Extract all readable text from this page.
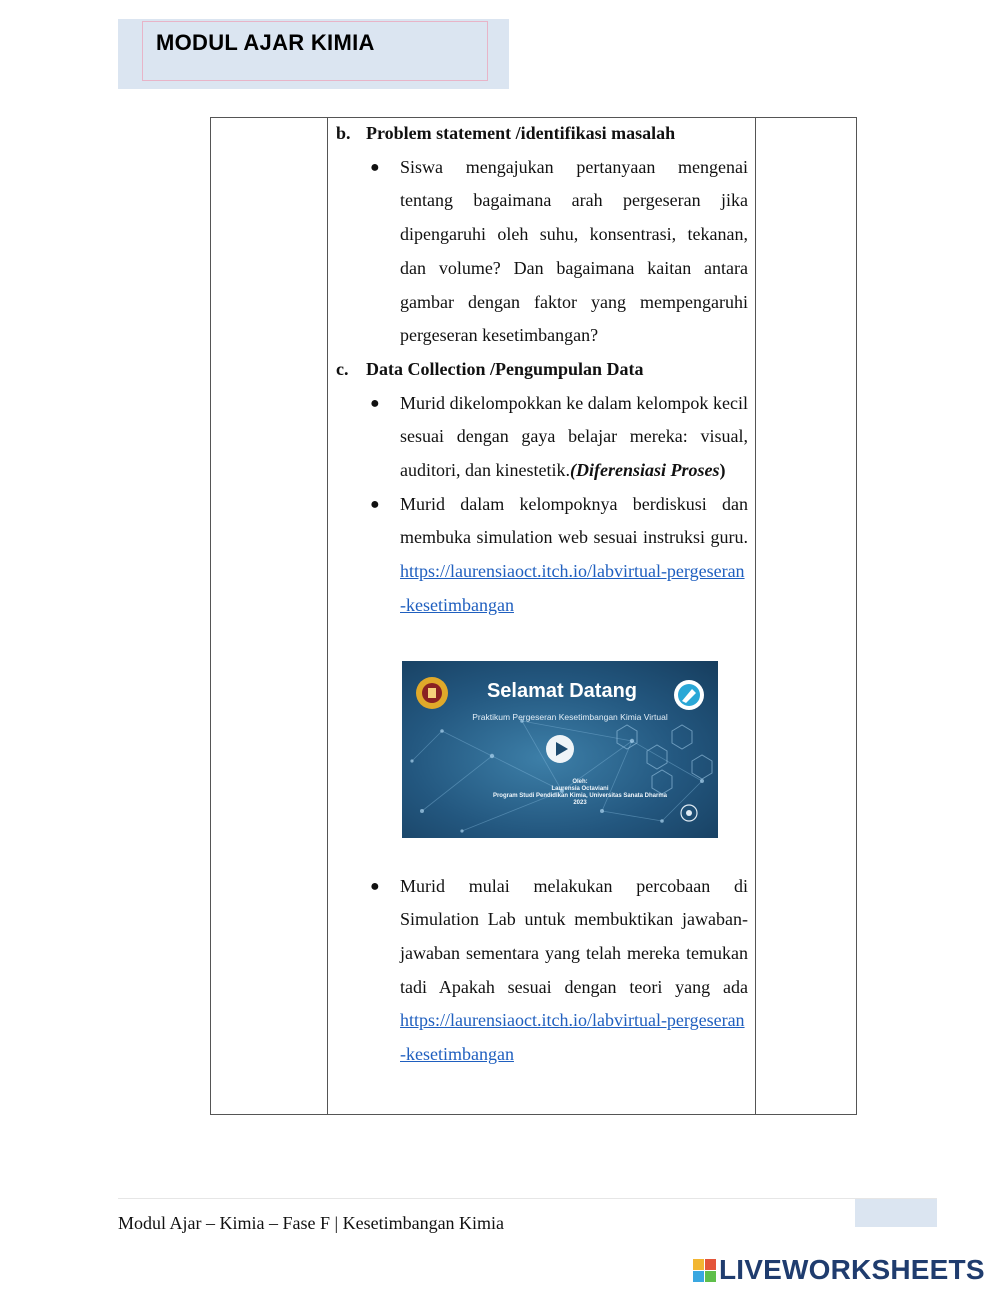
MODUL AJAR KIMIA
b. Problem statement /identifikasi masalah
● Siswa mengajukan pertanyaan mengenai tentang bagaimana arah pergeseran jika dipengaruhi oleh suhu, konsentrasi, tekanan, dan volume? Dan bagaimana kaitan antara gambar dengan faktor yang mempengaruhi pergeseran kesetimbangan?
c. Data Collection /Pengumpulan Data
● Murid dikelompokkan ke dalam kelompok kecil sesuai dengan gaya belajar mereka: visual, auditori, dan kinestetik.(Diferensiasi Proses)
● Murid dalam kelompoknya berdiskusi dan membuka simulation web sesuai instruksi guru. https://laurensiaoct.itch.io/labvirtual-pergeseran-kesetimbangan
● Murid mulai melakukan percobaan di Simulation Lab untuk membuktikan jawaban-jawaban sementara yang telah mereka temukan tadi Apakah sesuai dengan teori yang ada
https://laurensiaoct.itch.io/labvirtual-pergeseran-kesetimbangan
Selamat Datang
Praktikum Pergeseran Kesetimbangan Kimia Virtual
Oleh:
Laurensia Octaviani
Program Studi Pendidikan Kimia, Universitas Sanata Dharma
2023
Modul Ajar – Kimia – Fase F | Kesetimbangan Kimia
LIVEWORKSHEETS
